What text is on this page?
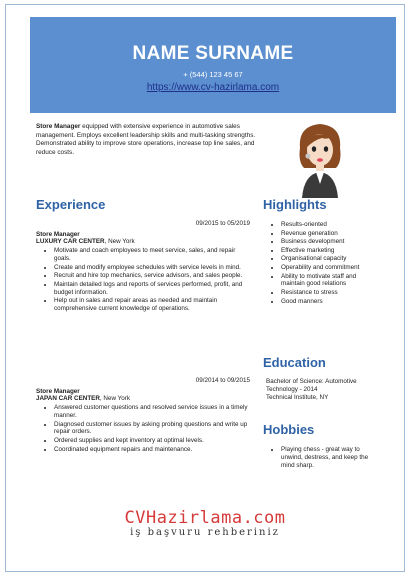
NAME SURNAME
+ (544) 123 45 67
https://www.cv-hazirlama.com
Store Manager equipped with extensive experience in automotive sales management. Employs excellent leadership skills and multi-tasking strengths. Demonstrated ability to improve store operations, increase top line sales, and reduce costs.
Experience
09/2015 to 05/2019
Store Manager
LUXURY CAR CENTER, New York
• Motivate and coach employees to meet service, sales, and repair goals.
• Create and modify employee schedules with service levels in mind.
• Recruit and hire top mechanics, service advisors, and sales people.
• Maintain detailed logs and reports of services performed, profit, and budget information.
• Help out in sales and repair areas as needed and maintain comprehensive current knowledge of operations.
09/2014 to 09/2015
Store Manager
JAPAN CAR CENTER, New York
• Answered customer questions and resolved service issues in a timely manner.
• Diagnosed customer issues by asking probing questions and write up repair orders.
• Ordered supplies and kept inventory at optimal levels.
• Coordinated equipment repairs and maintenance.
Highlights
• Results-oriented
• Revenue generation
• Business development
• Effective marketing
• Organisational capacity
• Operability and commitment
• Ability to motivate staff and maintain good relations
• Resistance to stress
• Good manners
Education
Bachelor of Science: Automotive Technology - 2014
Technical Institute, NY
Hobbies
• Playing chess - great way to unwind, destress, and keep the mind sharp.
CVHazirlama.com
iş başvuru rehberiniz
